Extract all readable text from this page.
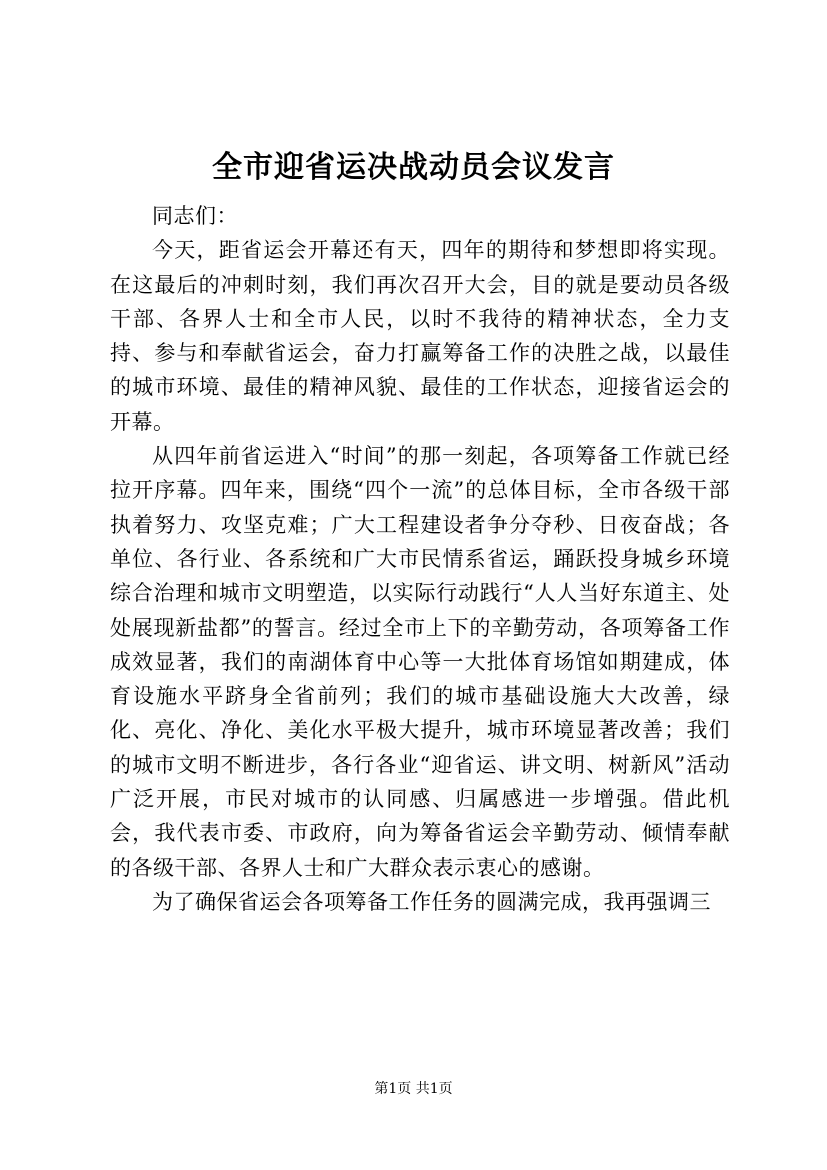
全市迎省运决战动员会议发言

同志们：

今天，距省运会开幕还有天，四年的期待和梦想即将实现。在这最后的冲刺时刻，我们再次召开大会，目的就是要动员各级干部、各界人士和全市人民，以时不我待的精神状态，全力支持、参与和奉献省运会，奋力打赢筹备工作的决胜之战，以最佳的城市环境、最佳的精神风貌、最佳的工作状态，迎接省运会的开幕。

从四年前省运进入“时间”的那一刻起，各项筹备工作就已经拉开序幕。四年来，围绕“四个一流”的总体目标，全市各级干部执着努力、攻坚克难；广大工程建设者争分夺秒、日夜奋战；各单位、各行业、各系统和广大市民情系省运，踊跃投身城乡环境综合治理和城市文明塑造，以实际行动践行“人人当好东道主、处处展现新盐都”的誓言。经过全市上下的辛勤劳动，各项筹备工作成效显著，我们的南湖体育中心等一大批体育场馆如期建成，体育设施水平跻身全省前列；我们的城市基础设施大大改善，绿化、亮化、净化、美化水平极大提升，城市环境显著改善；我们的城市文明不断进步，各行各业“迎省运、讲文明、树新风”活动广泛开展，市民对城市的认同感、归属感进一步增强。借此机会，我代表市委、市政府，向为筹备省运会辛勤劳动、倾情奉献的各级干部、各界人士和广大群众表示衷心的感谢。

为了确保省运会各项筹备工作任务的圆满完成，我再强调三

第1页 共1页
